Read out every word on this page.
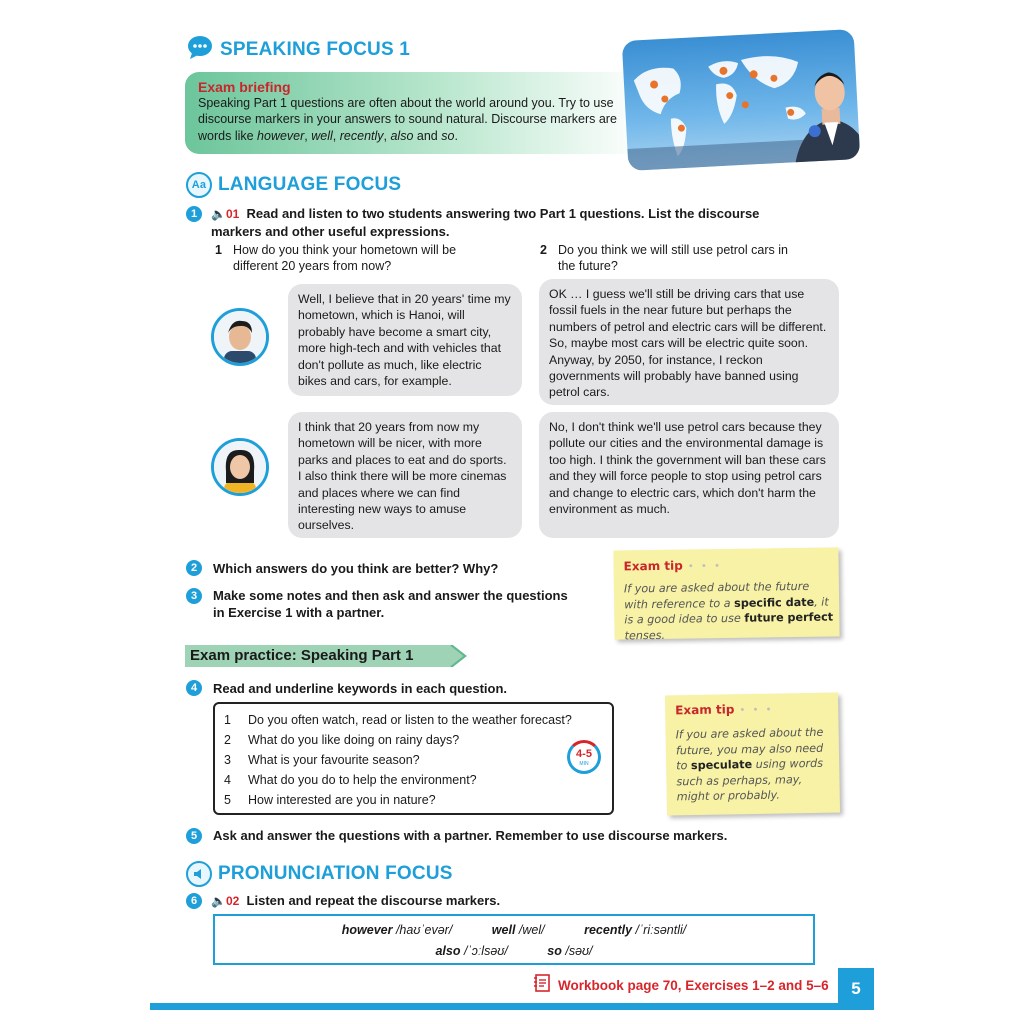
SPEAKING FOCUS 1
Exam briefing
Speaking Part 1 questions are often about the world around you. Try to use discourse markers in your answers to sound natural. Discourse markers are words like however, well, recently, also and so.
Aa LANGUAGE FOCUS
1	🔈01 Read and listen to two students answering two Part 1 questions. List the discourse
markers and other useful expressions.
1 How do you think your hometown will be
different 20 years from now?
2 Do you think we will still use petrol cars in
the future?
Well, I believe that in 20 years' time my hometown, which is Hanoi, will probably have become a smart city, more high-tech and with vehicles that don't pollute as much, like electric bikes and cars, for example.
OK … I guess we'll still be driving cars that use fossil fuels in the near future but perhaps the numbers of petrol and electric cars will be different. So, maybe most cars will be electric quite soon. Anyway, by 2050, for instance, I reckon governments will probably have banned using petrol cars.
I think that 20 years from now my hometown will be nicer, with more parks and places to eat and do sports. I also think there will be more cinemas and places where we can find interesting new ways to amuse ourselves.
No, I don't think we'll use petrol cars because they pollute our cities and the environmental damage is too high. I think the government will ban these cars and they will force people to stop using petrol cars and change to electric cars, which don't harm the environment as much.
2	Which answers do you think are better? Why?
3	Make some notes and then ask and answer the questions
in Exercise 1 with a partner.
Exam tip • • •
If you are asked about the future with reference to a specific date, it is a good idea to use future perfect tenses.
Exam practice: Speaking Part 1
4	Read and underline keywords in each question.
1	Do you often watch, read or listen to the weather forecast?
2	What do you like doing on rainy days?
3	What is your favourite season?
4	What do you do to help the environment?
5	How interested are you in nature?
4-5
MIN
Exam tip • • •
If you are asked about the future, you may also need to speculate using words such as perhaps, may, might or probably.
5	Ask and answer the questions with a partner. Remember to use discourse markers.
PRONUNCIATION FOCUS
6	🔈02 Listen and repeat the discourse markers.
however /haʊˈevər/	well /wel/	recently /ˈriːsəntli/
also /ˈɔːlsəʊ/	so /səʊ/
Workbook page 70, Exercises 1–2 and 5–6	5
